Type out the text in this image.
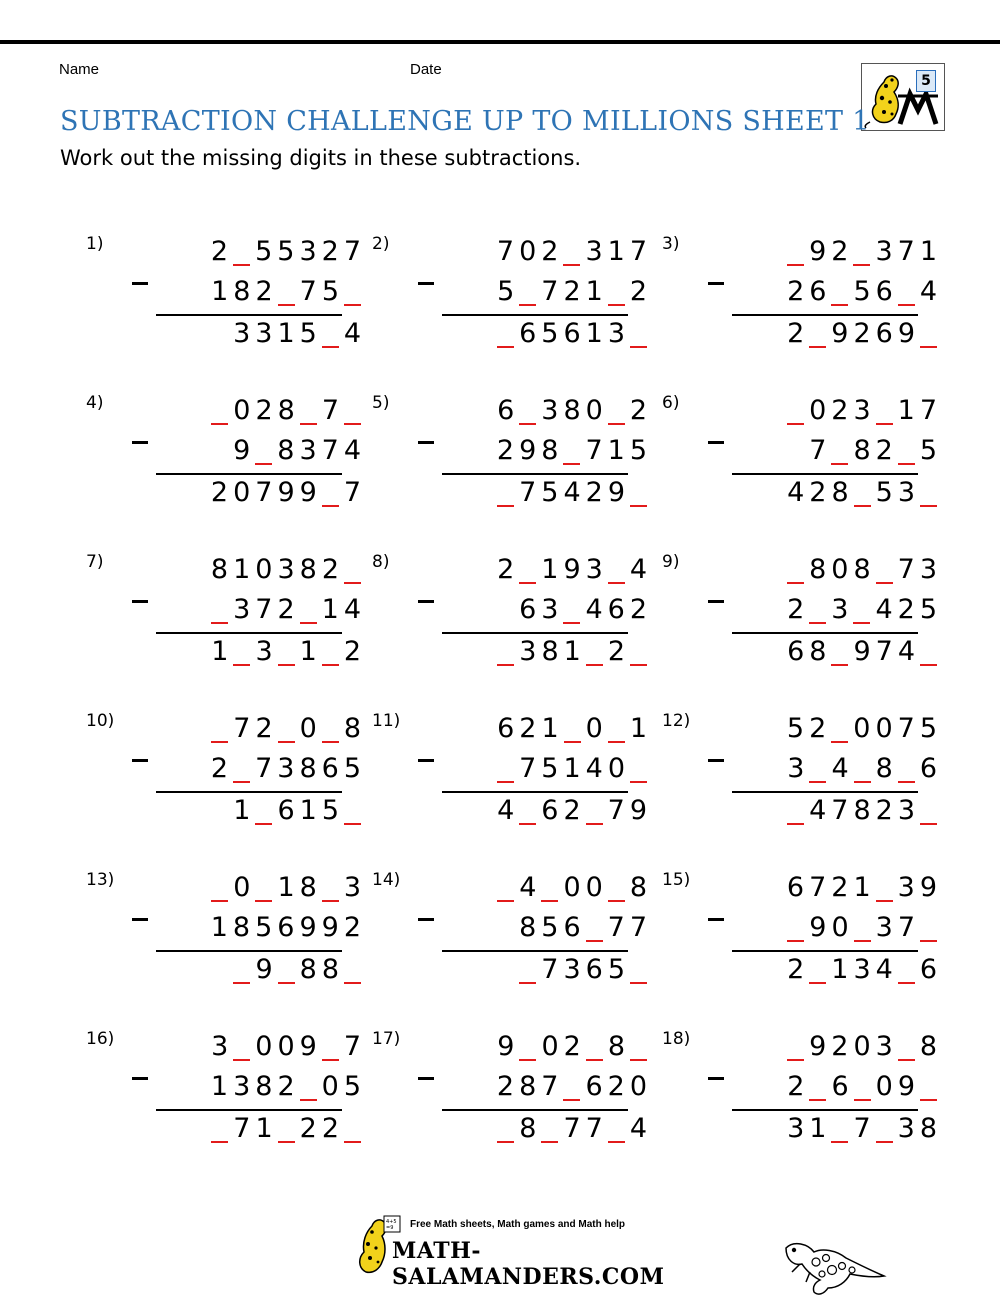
Name	Date
5
SUBTRACTION CHALLENGE UP TO MILLIONS SHEET 1
Work out the missing digits in these subtractions.
1)	2 55327
182 75
3315 4
2)	702 317
5 721 2
65613
3)	92 371
26 56 4
2 9269
4)	028 7
9 8374
20799 7
5)	6 380 2
298 715
75429
6)	023 17
7 82 5
428 53
7)	810382
372 14
1 3 1 2
8)	2 193 4
63 462
381 2
9)	808 73
2 3 425
68 974
10)	72 0 8
2 73865
1 615
11)	621 0 1
75140
4 62 79
12)	52 0075
3 4 8 6
47823
13)	0 18 3
1856992
9 88
14)	4 00 8
856 77
7365
15)	6721 39
90 37
2 134 6
16)	3 009 7
1382 05
71 22
17)	9 02 8
287 620
8 77 4
18)	9203 8
2 6 09
31 7 38
4+5
=9 Free Math sheets, Math games and Math help
MATH-SALAMANDERS.COM
